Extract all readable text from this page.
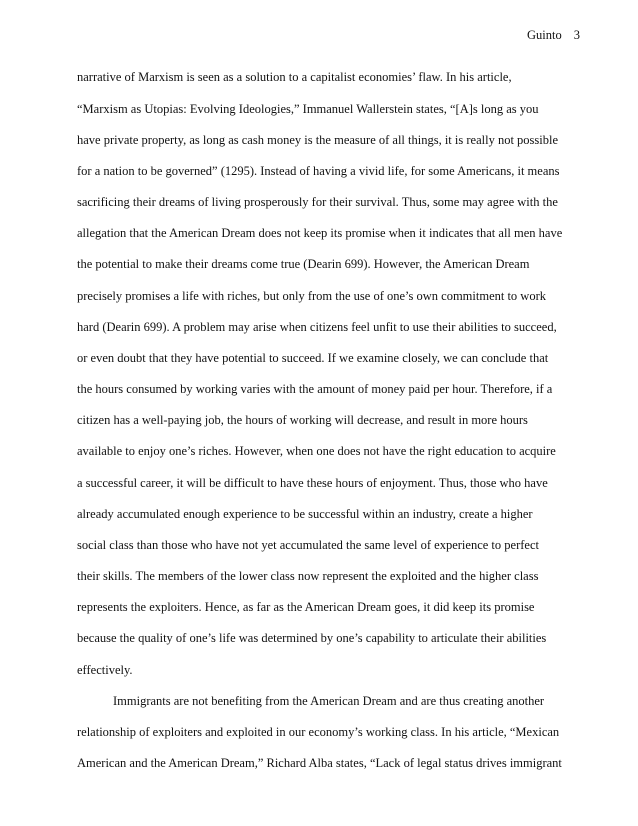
Guinto 3
narrative of Marxism is seen as a solution to a capitalist economies’ flaw. In his article,
“Marxism as Utopias: Evolving Ideologies,” Immanuel Wallerstein states, “[A]s long as you
have private property, as long as cash money is the measure of all things, it is really not possible
for a nation to be governed” (1295). Instead of having a vivid life, for some Americans, it means
sacrificing their dreams of living prosperously for their survival. Thus, some may agree with the
allegation that the American Dream does not keep its promise when it indicates that all men have
the potential to make their dreams come true (Dearin 699). However, the American Dream
precisely promises a life with riches, but only from the use of one’s own commitment to work
hard (Dearin 699). A problem may arise when citizens feel unfit to use their abilities to succeed,
or even doubt that they have potential to succeed. If we examine closely, we can conclude that
the hours consumed by working varies with the amount of money paid per hour. Therefore, if a
citizen has a well-paying job, the hours of working will decrease, and result in more hours
available to enjoy one’s riches. However, when one does not have the right education to acquire
a successful career, it will be difficult to have these hours of enjoyment. Thus, those who have
already accumulated enough experience to be successful within an industry, create a higher
social class than those who have not yet accumulated the same level of experience to perfect
their skills. The members of the lower class now represent the exploited and the higher class
represents the exploiters. Hence, as far as the American Dream goes, it did keep its promise
because the quality of one’s life was determined by one’s capability to articulate their abilities
effectively.
Immigrants are not benefiting from the American Dream and are thus creating another
relationship of exploiters and exploited in our economy’s working class. In his article, “Mexican
American and the American Dream,” Richard Alba states, “Lack of legal status drives immigrant
